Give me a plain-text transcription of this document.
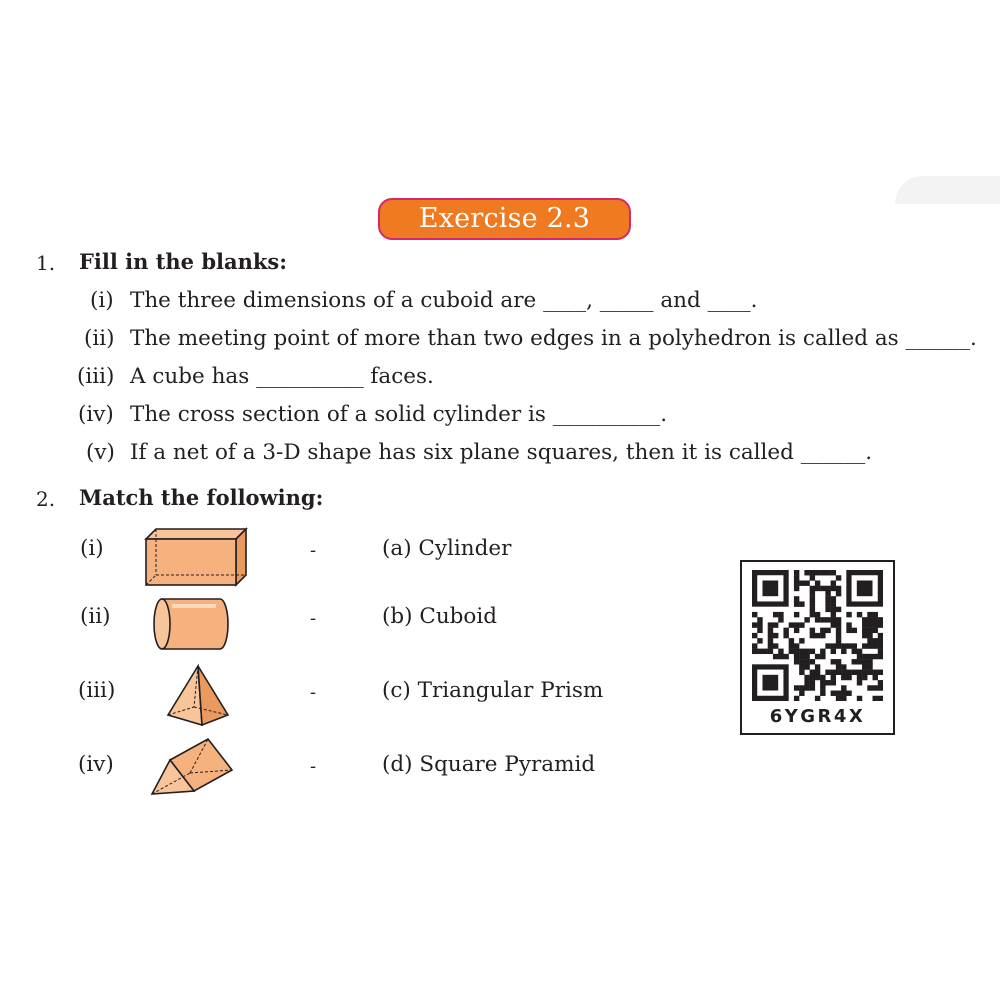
Exercise 2.3
1. Fill in the blanks:
(i) The three dimensions of a cuboid are ____, _____ and ____.
(ii) The meeting point of more than two edges in a polyhedron is called as ______.
(iii) A cube has __________ faces.
(iv) The cross section of a solid cylinder is __________.
(v) If a net of a 3-D shape has six plane squares, then it is called ______.
2. Match the following:
(i)	-	(a) Cylinder
(ii)	-	(b) Cuboid
(iii)	-	(c) Triangular Prism
(iv)	-	(d) Square Pyramid
6YGR4X
